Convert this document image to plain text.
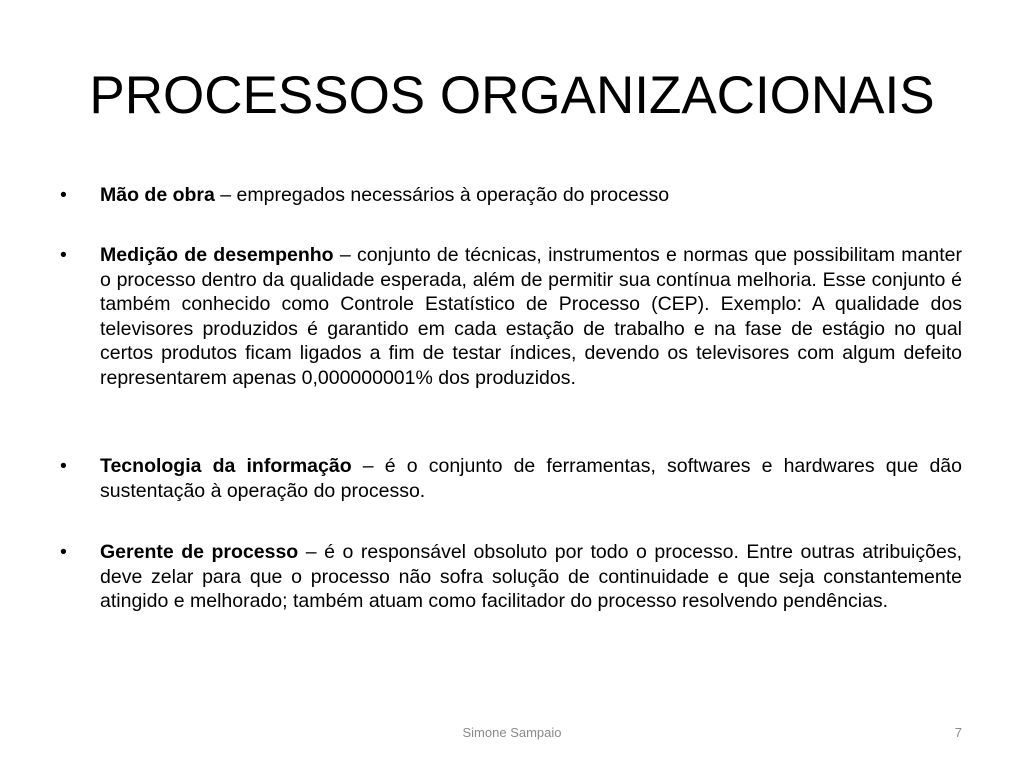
PROCESSOS ORGANIZACIONAIS
•	Mão de obra – empregados necessários à operação do processo
•	Medição de desempenho – conjunto de técnicas, instrumentos e normas que possibilitam manter o processo dentro da qualidade esperada, além de permitir sua contínua melhoria. Esse conjunto é também conhecido como Controle Estatístico de Processo (CEP). Exemplo: A qualidade dos televisores produzidos é garantido em cada estação de trabalho e na fase de estágio no qual certos produtos ficam ligados a fim de testar índices, devendo os televisores com algum defeito representarem apenas 0,000000001% dos produzidos.
•	Tecnologia da informação – é o conjunto de ferramentas, softwares e hardwares que dão sustentação à operação do processo.
•	Gerente de processo – é o responsável obsoluto por todo o processo. Entre outras atribuições, deve zelar para que o processo não sofra solução de continuidade e que seja constantemente atingido e melhorado; também atuam como facilitador do processo resolvendo pendências.
Simone Sampaio	7
